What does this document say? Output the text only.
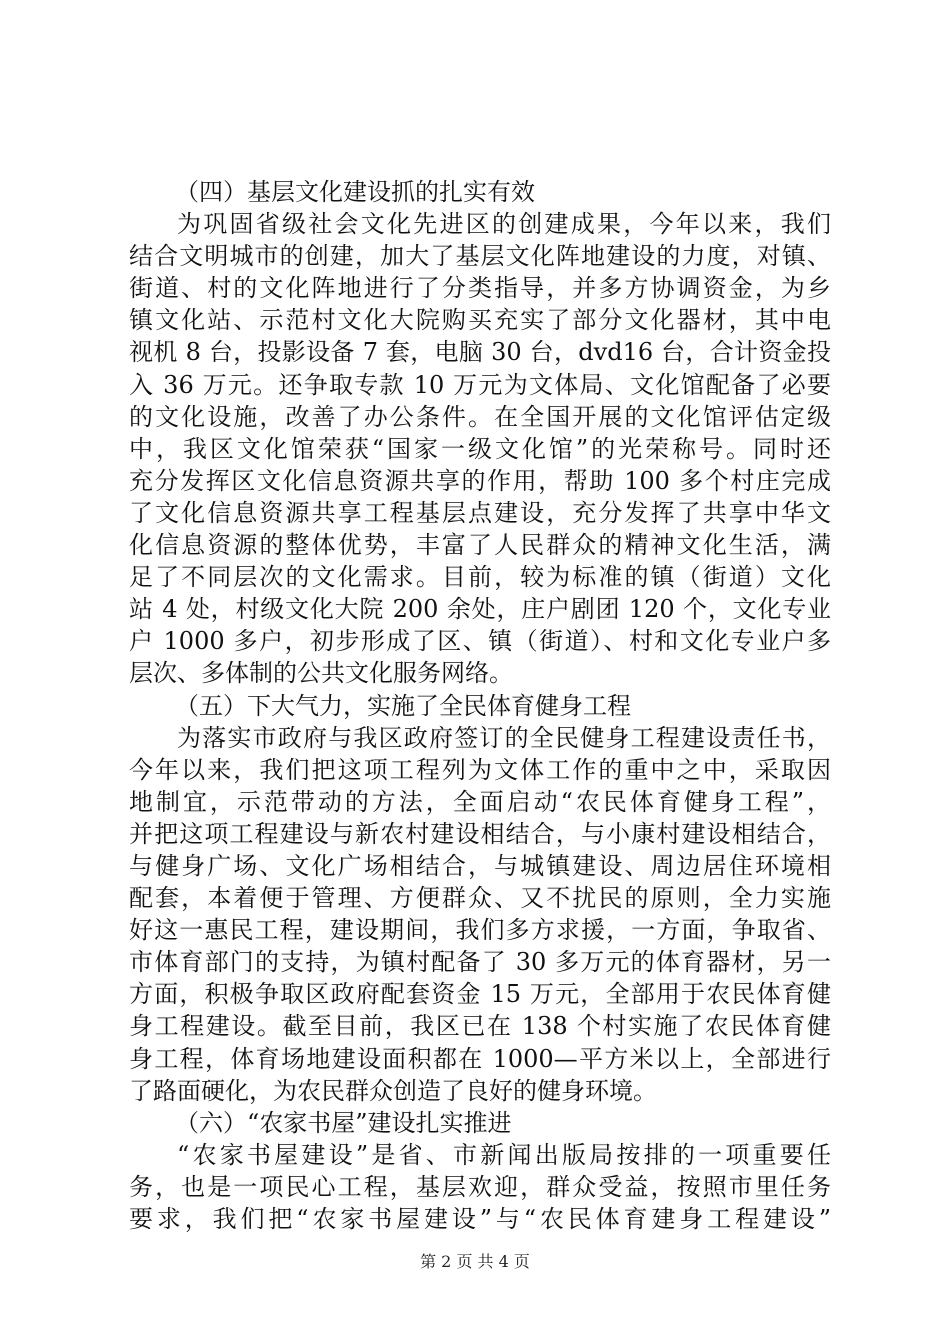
（四）基层文化建设抓的扎实有效
为巩固省级社会文化先进区的创建成果，今年以来，我们
结合文明城市的创建，加大了基层文化阵地建设的力度，对镇、
街道、村的文化阵地进行了分类指导，并多方协调资金，为乡
镇文化站、示范村文化大院购买充实了部分文化器材，其中电
视机 8 台，投影设备 7 套，电脑 30 台，dvd16 台，合计资金投
入 36 万元。还争取专款 10 万元为文体局、文化馆配备了必要
的文化设施，改善了办公条件。在全国开展的文化馆评估定级
中，我区文化馆荣获“国家一级文化馆”的光荣称号。同时还
充分发挥区文化信息资源共享的作用，帮助 100 多个村庄完成
了文化信息资源共享工程基层点建设，充分发挥了共享中华文
化信息资源的整体优势，丰富了人民群众的精神文化生活，满
足了不同层次的文化需求。目前，较为标准的镇（街道）文化
站 4 处，村级文化大院 200 余处，庄户剧团 120 个，文化专业
户 1000 多户，初步形成了区、镇（街道）、村和文化专业户多
层次、多体制的公共文化服务网络。
（五）下大气力，实施了全民体育健身工程
为落实市政府与我区政府签订的全民健身工程建设责任书，
今年以来，我们把这项工程列为文体工作的重中之中，采取因
地制宜，示范带动的方法，全面启动“农民体育健身工程”，
并把这项工程建设与新农村建设相结合，与小康村建设相结合，
与健身广场、文化广场相结合，与城镇建设、周边居住环境相
配套，本着便于管理、方便群众、又不扰民的原则，全力实施
好这一惠民工程，建设期间，我们多方求援，一方面，争取省、
市体育部门的支持，为镇村配备了 30 多万元的体育器材，另一
方面，积极争取区政府配套资金 15 万元，全部用于农民体育健
身工程建设。截至目前，我区已在 138 个村实施了农民体育健
身工程，体育场地建设面积都在 1000—平方米以上，全部进行
了路面硬化，为农民群众创造了良好的健身环境。
（六）“农家书屋”建设扎实推进
“农家书屋建设”是省、市新闻出版局按排的一项重要任
务，也是一项民心工程，基层欢迎，群众受益，按照市里任务
要求，我们把“农家书屋建设”与“农民体育建身工程建设”
第 2 页 共 4 页
